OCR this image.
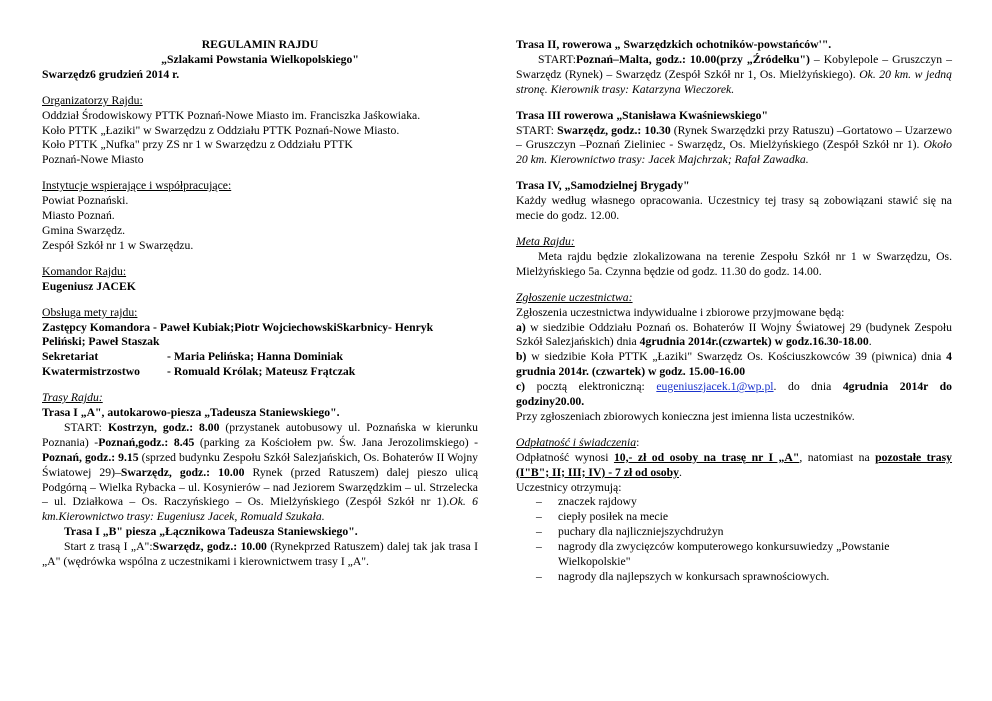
REGULAMIN RAJDU

„Szlakami Powstania Wielkopolskiego"

Swarzędz6 grudzień 2014 r.

Organizatorzy Rajdu:

Oddział Środowiskowy PTTK Poznań-Nowe Miasto im. Franciszka Jaśkowiaka.

Koło PTTK „Łaziki" w Swarzędzu z Oddziału PTTK Poznań-Nowe Miasto.

Koło PTTK „Nufka" przy ZS nr 1 w Swarzędzu z Oddziału PTTK

Poznań-Nowe Miasto

Instytucje wspierające i współpracujące:

Powiat Poznański.

Miasto Poznań.

Gmina Swarzędz.

Zespół Szkół nr 1 w Swarzędzu.

Komandor Rajdu:

Eugeniusz JACEK

Obsługa mety rajdu:

Zastępcy Komandora - Paweł Kubiak;Piotr WojciechowskiSkarbnicy- Henryk Peliński; Paweł Staszak

Sekretariat	- Maria Pelińska; Hanna Dominiak
Kwatermistrzostwo	- Romuald Królak; Mateusz Frątczak

Trasy Rajdu:

Trasa I „A", autokarowo-piesza „Tadeusza Staniewskiego".

START: Kostrzyn, godz.: 8.00 (przystanek autobusowy ul. Poznańska w kierunku Poznania) -Poznań,godz.: 8.45 (parking za Kościołem pw. Św. Jana Jerozolimskiego) -Poznań, godz.: 9.15 (sprzed budynku Zespołu Szkół Salezjańskich, Os. Bohaterów II Wojny Światowej 29)–Swarzędz, godz.: 10.00 Rynek (przed Ratuszem) dalej pieszo ulicą Podgórną – Wielka Rybacka – ul. Kosynierów – nad Jeziorem Swarzędzkim – ul. Strzelecka – ul. Działkowa – Os. Raczyńskiego – Os. Mielżyńskiego (Zespół Szkół nr 1).Ok. 6 km.Kierownictwo trasy: Eugeniusz Jacek, Romuald Szukała.

Trasa I „B" piesza „Łącznikowa Tadeusza Staniewskiego".

Start z trasą I „A":Swarzędz, godz.: 10.00 (Rynekprzed Ratuszem) dalej tak jak trasa I „A" (wędrówka wspólna z uczestnikami i kierownictwem trasy I „A".

Trasa II, rowerowa „ Swarzędzkich ochotników-powstańców'".

START:Poznań–Malta, godz.: 10.00(przy „Źródełku") – Kobylepole – Gruszczyn – Swarzędz (Rynek) – Swarzędz (Zespół Szkół nr 1, Os. Mielżyńskiego). Ok. 20 km. w jedną stronę. Kierownik trasy: Katarzyna Wieczorek.

Trasa III rowerowa „Stanisława Kwaśniewskiego"

START: Swarzędz, godz.: 10.30 (Rynek Swarzędzki przy Ratuszu) –Gortatowo – Uzarzewo – Gruszczyn –Poznań Zieliniec - Swarzędz, Os. Mielżyńskiego (Zespół Szkół nr 1). Około 20 km. Kierownictwo trasy: Jacek Majchrzak; Rafał Zawadka.

Trasa IV, „Samodzielnej Brygady"

Każdy według własnego opracowania. Uczestnicy tej trasy są zobowiązani stawić się na mecie do godz. 12.00.

Meta Rajdu:

Meta rajdu będzie zlokalizowana na terenie Zespołu Szkół nr 1 w Swarzędzu, Os. Mielżyńskiego 5a. Czynna będzie od godz. 11.30 do godz. 14.00.

Zgłoszenie uczestnictwa:

Zgłoszenia uczestnictwa indywidualne i zbiorowe przyjmowane będą:

a) w siedzibie Oddziału Poznań os. Bohaterów II Wojny Światowej 29 (budynek Zespołu Szkół Salezjańskich) dnia 4grudnia 2014r.(czwartek) w godz.16.30-18.00.

b) w siedzibie Koła PTTK „Łaziki" Swarzędz Os. Kościuszkowców 39 (piwnica) dnia 4 grudnia 2014r. (czwartek) w godz. 15.00-16.00

c) pocztą elektroniczną: eugeniuszjacek.1@wp.pl. do dnia 4grudnia 2014r do godziny20.00.

Przy zgłoszeniach zbiorowych konieczna jest imienna lista uczestników.

Odpłatność i świadczenia:

Odpłatność wynosi 10,- zł od osoby na trasę nr I „A", natomiast na pozostałe trasy (I"B"; II; III; IV) - 7 zł od osoby.

Uczestnicy otrzymują:

– znaczek rajdowy
– ciepły posiłek na mecie
– puchary dla najliczniejszychdrużyn
– nagrody dla zwycięzców komputerowego konkursuwiedzy „Powstanie Wielkopolskie"
– nagrody dla najlepszych w konkursach sprawnościowych.
